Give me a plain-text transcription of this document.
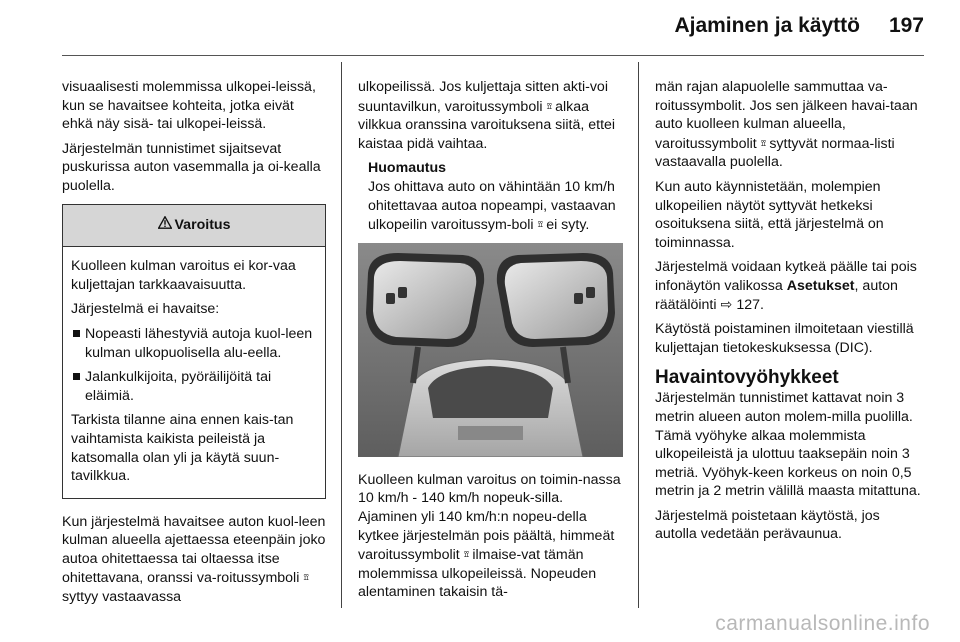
Ajaminen ja käyttö	197

visuaalisesti molemmissa ulkopei-leissä, kun se havaitsee kohteita, jotka eivät ehkä näy sisä- tai ulkopei-leissä.

Järjestelmän tunnistimet sijaitsevat puskurissa auton vasemmalla ja oi-kealla puolella.

Varoitus

Kuolleen kulman varoitus ei kor-vaa kuljettajan tarkkaavaisuutta.

Järjestelmä ei havaitse:

Nopeasti lähestyviä autoja kuol-leen kulman ulkopuolisella alu-eella.
Jalankulkijoita, pyöräilijöitä tai eläimiä.

Tarkista tilanne aina ennen kais-tan vaihtamista kaikista peileistä ja katsomalla olan yli ja käytä suun-tavilkkua.

Kun järjestelmä havaitsee auton kuol-leen kulman alueella ajettaessa eteenpäin joko autoa ohitettaessa tai oltaessa itse ohitettavana, oranssi va-roitussymboli ⟟⟟ syttyy vastaavassa

ulkopeilissä. Jos kuljettaja sitten akti-voi suuntavilkun, varoitussymboli ⟟⟟ alkaa vilkkua oranssina varoituksena siitä, ettei kaistaa pidä vaihtaa.

Huomautus
Jos ohittava auto on vähintään 10 km/h ohitettavaa autoa nopeampi, vastaavan ulkopeilin varoitussym-boli ⟟⟟ ei syty.

Kuolleen kulman varoitus on toimin-nassa 10 km/h - 140 km/h nopeuk-silla. Ajaminen yli 140 km/h:n nopeu-della kytkee järjestelmän pois päältä, himmeät varoitussymbolit ⟟⟟ ilmaise-vat tämän molemmissa ulkopeileissä. Nopeuden alentaminen takaisin tä-

män rajan alapuolelle sammuttaa va-roitussymbolit. Jos sen jälkeen havai-taan auto kuolleen kulman alueella, varoitussymbolit ⟟⟟ syttyvät normaa-listi vastaavalla puolella.

Kun auto käynnistetään, molempien ulkopeilien näytöt syttyvät hetkeksi osoituksena siitä, että järjestelmä on toiminnassa.

Järjestelmä voidaan kytkeä päälle tai pois infonäytön valikossa Asetukset, auton räätälöinti ⇨ 127.

Käytöstä poistaminen ilmoitetaan viestillä kuljettajan tietokeskuksessa (DIC).

Havaintovyöhykkeet

Järjestelmän tunnistimet kattavat noin 3 metrin alueen auton molem-milla puolilla. Tämä vyöhyke alkaa molemmista ulkopeileistä ja ulottuu taaksepäin noin 3 metriä. Vyöhyk-keen korkeus on noin 0,5 metrin ja 2 metrin välillä maasta mitattuna.

Järjestelmä poistetaan käytöstä, jos autolla vedetään perävaunua.

carmanualsonline.info
